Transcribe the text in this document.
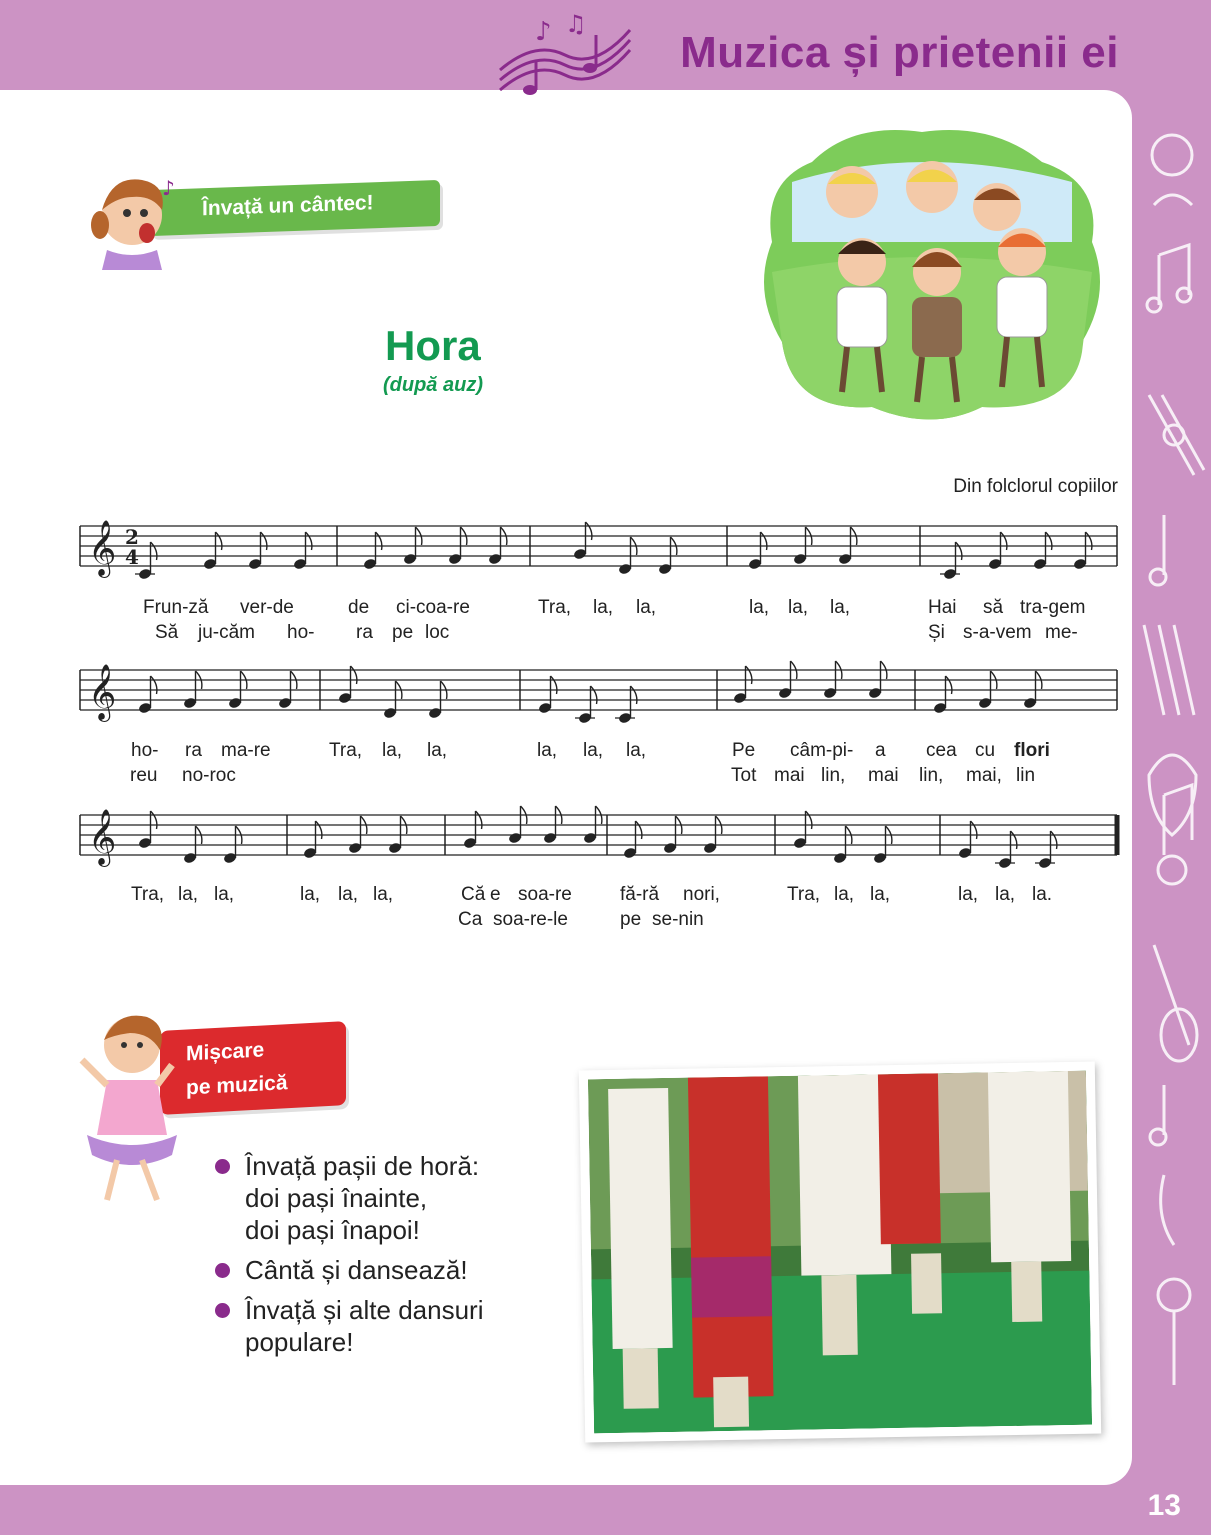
♪ ♫
Muzica și prietenii ei
13
Învață un cântec!
♪
Hora
(după auz)
Din folclorul copiilor
𝄞 2
4
𝄞
𝄞
Frun-ză ver-de	de ci-coa-re	Tra, la, la,	la, la, la,	Hai să tra-gem
Să ju-căm ho- ra pe loc	Și s-a-vem me-
ho- ra ma-re	Tra, la, la,	la, la, la,	Pe câm-pi- a cea cu flori
reu no-roc	Tot mai lin, mai lin, mai, lin
Tra, la, la,	la, la, la,	Că e soa-re	fă-ră nori,	Tra, la, la,	la, la, la.
Ca soa-re-le	pe se-nin
Mișcare
pe muzică
Învață pașii de horă:
doi pași înainte,
doi pași înapoi!
Cântă și dansează!
Învață și alte dansuri
populare!
